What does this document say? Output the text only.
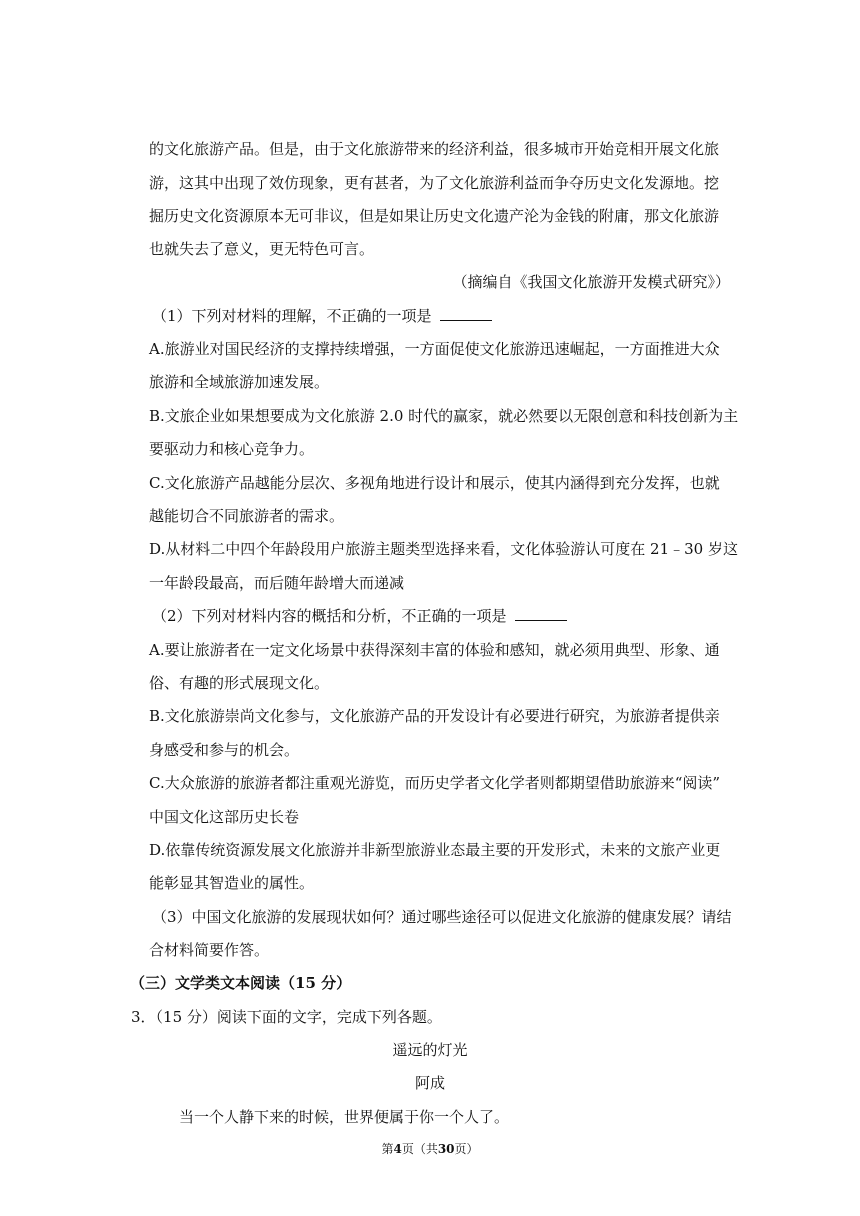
的文化旅游产品。但是，由于文化旅游带来的经济利益，很多城市开始竞相开展文化旅
游，这其中出现了效仿现象，更有甚者，为了文化旅游利益而争夺历史文化发源地。挖
掘历史文化资源原本无可非议，但是如果让历史文化遗产沦为金钱的附庸，那文化旅游
也就失去了意义，更无特色可言。
（摘编自《我国文化旅游开发模式研究》）
（1）下列对材料的理解，不正确的一项是
A.旅游业对国民经济的支撑持续增强，一方面促使文化旅游迅速崛起，一方面推进大众
旅游和全域旅游加速发展。
B.文旅企业如果想要成为文化旅游 2.0 时代的赢家，就必然要以无限创意和科技创新为主
要驱动力和核心竞争力。
C.文化旅游产品越能分层次、多视角地进行设计和展示，使其内涵得到充分发挥，也就
越能切合不同旅游者的需求。
D.从材料二中四个年龄段用户旅游主题类型选择来看，文化体验游认可度在 21﹣30 岁这
一年龄段最高，而后随年龄增大而递减
（2）下列对材料内容的概括和分析，不正确的一项是
A.要让旅游者在一定文化场景中获得深刻丰富的体验和感知，就必须用典型、形象、通
俗、有趣的形式展现文化。
B.文化旅游崇尚文化参与，文化旅游产品的开发设计有必要进行研究，为旅游者提供亲
身感受和参与的机会。
C.大众旅游的旅游者都注重观光游览，而历史学者文化学者则都期望借助旅游来“阅读”
中国文化这部历史长卷
D.依靠传统资源发展文化旅游并非新型旅游业态最主要的开发形式，未来的文旅产业更
能彰显其智造业的属性。
（3）中国文化旅游的发展现状如何？通过哪些途径可以促进文化旅游的健康发展？请结
合材料简要作答。
（三）文学类文本阅读（15 分）
3．（15 分）阅读下面的文字，完成下列各题。
遥远的灯光
阿成
当一个人静下来的时候，世界便属于你一个人了。
第4页（共30页）
